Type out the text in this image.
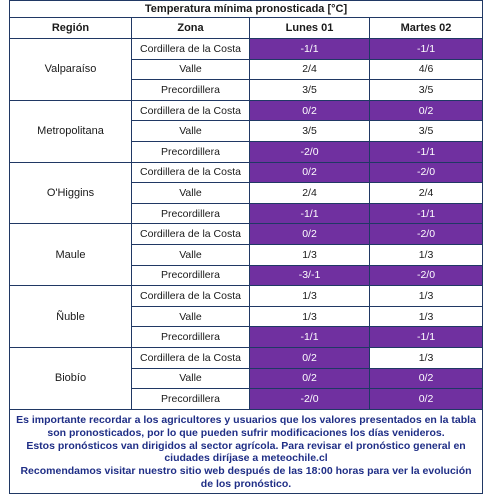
Temperatura mínima pronosticada [°C]			
Región	Zona	Lunes 01	Martes 02
Valparaíso	Cordillera de la Costa	-1/1	-1/1
	Valle	2/4	4/6
	Precordillera	3/5	3/5
Metropolitana	Cordillera de la Costa	0/2	0/2
	Valle	3/5	3/5
	Precordillera	-2/0	-1/1
O'Higgins	Cordillera de la Costa	0/2	-2/0
	Valle	2/4	2/4
	Precordillera	-1/1	-1/1
Maule	Cordillera de la Costa	0/2	-2/0
	Valle	1/3	1/3
	Precordillera	-3/-1	-2/0
Ñuble	Cordillera de la Costa	1/3	1/3
	Valle	1/3	1/3
	Precordillera	-1/1	-1/1
Biobío	Cordillera de la Costa	0/2	1/3
	Valle	0/2	0/2
	Precordillera	-2/0	0/2

Es importante recordar a los agricultores y usuarios que los valores presentados en la tabla son pronosticados, por lo que pueden sufrir modificaciones los días venideros.
Estos pronósticos van dirigidos al sector agrícola. Para revisar el pronóstico general en ciudades diríjase a meteochile.cl
Recomendamos visitar nuestro sitio web después de las 18:00 horas para ver la evolución de los pronóstico.			
